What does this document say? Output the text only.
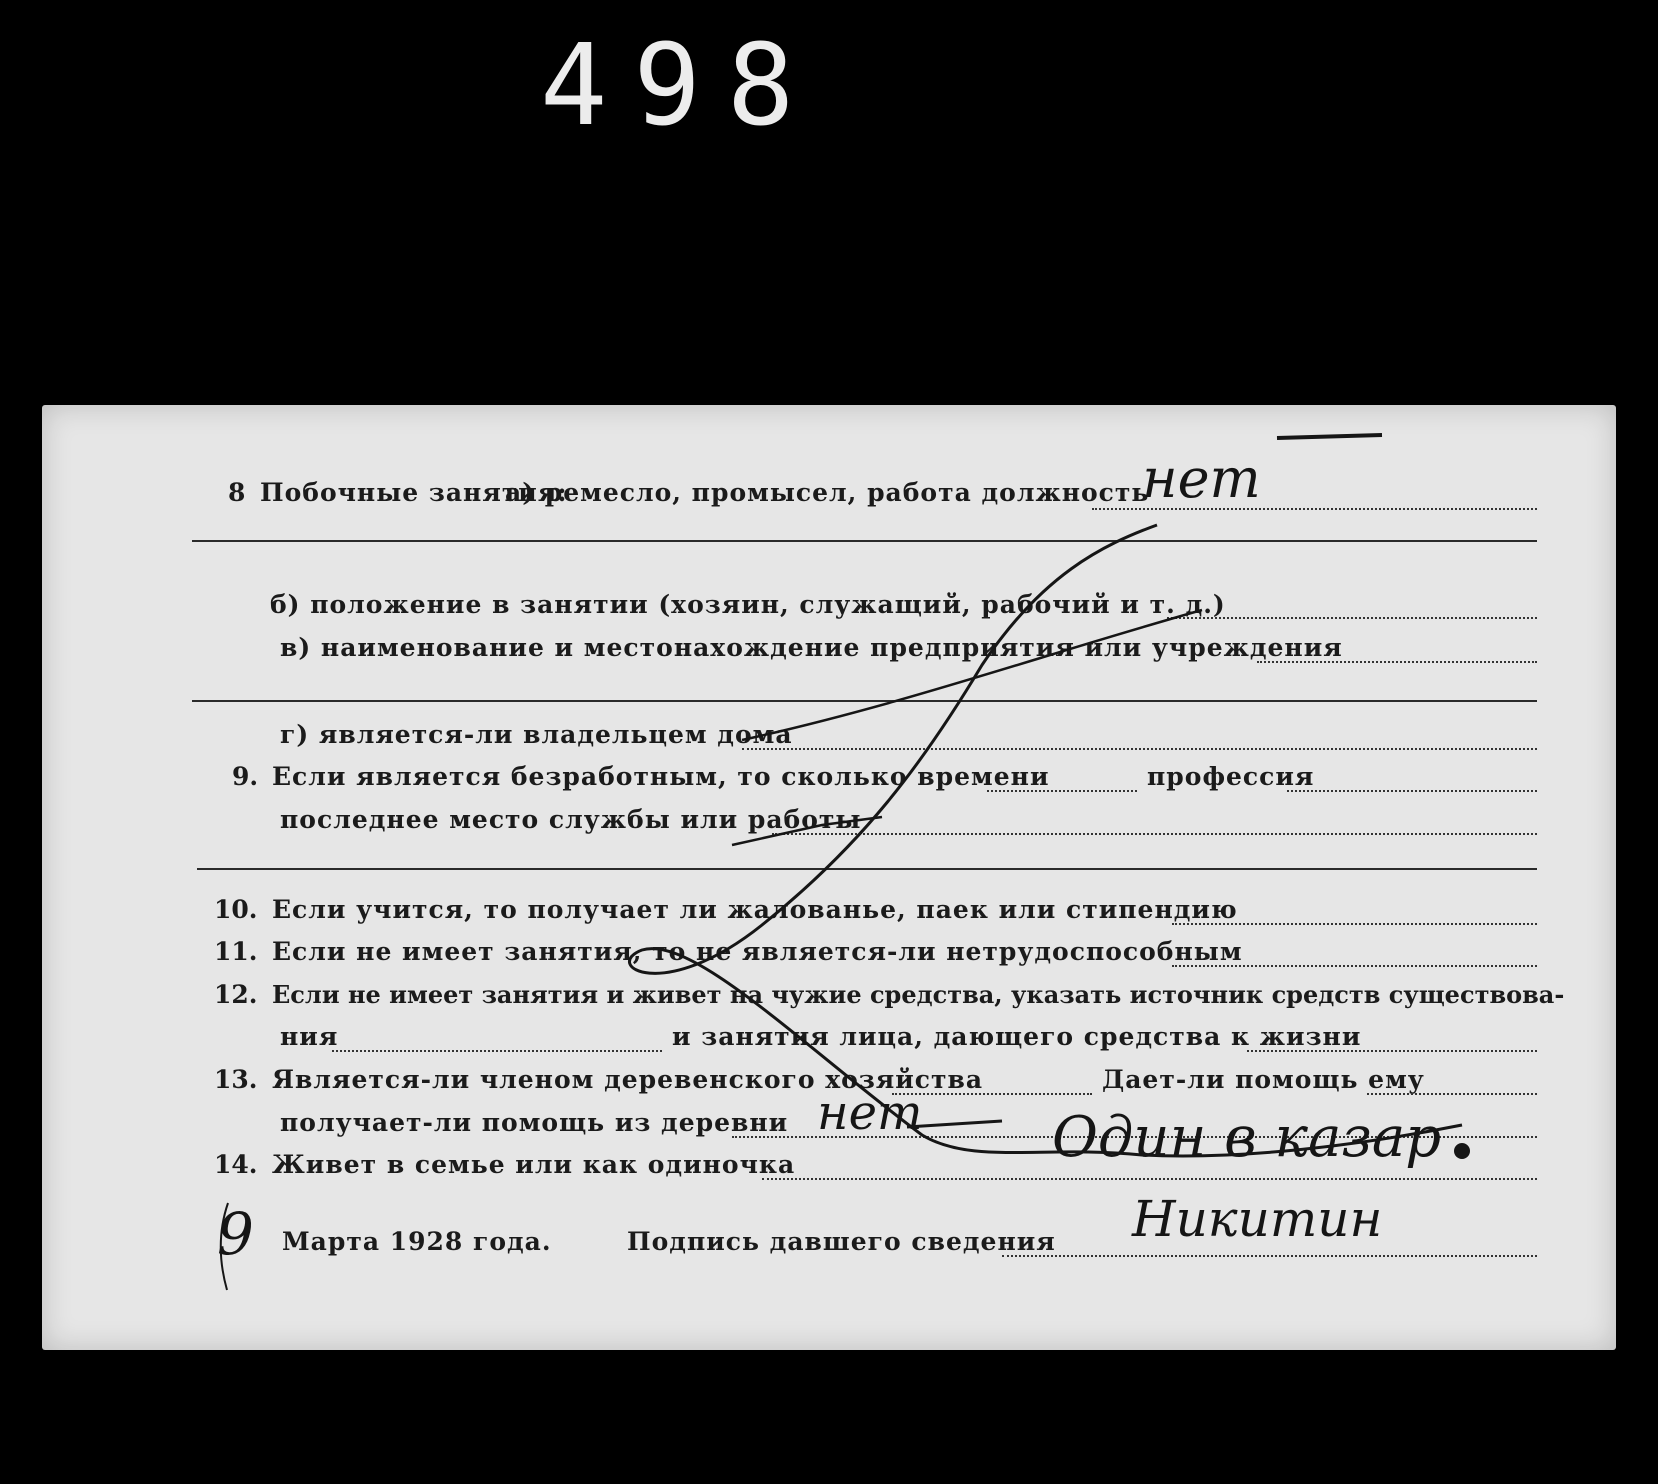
498
8 Побочные занятия:
а) ремесло, промысел, работа должность
нет
б) положение в занятии (хозяин, служащий, рабочий и т. д.)
в) наименование и местонахождение предприятия или учреждения
г) является-ли владельцем дома
9. Если является безработным, то сколько времени	профессия
последнее место службы или работы
10. Если учится, то получает ли жалованье, паек или стипендию
11. Если не имеет занятия, то не является-ли нетрудоспособным
12. Если не имеет занятия и живет на чужие средства, указать источник средств существова-
ния	и занятия лица, дающего средства к жизни
13. Является-ли членом деревенского хозяйства	Дает-ли помощь ему
получает-ли помощь из деревни нет
14. Живет в семье или как одиночка	Один в казар
9 Марта 1928 года.	Подпись давшего сведения Никитин
